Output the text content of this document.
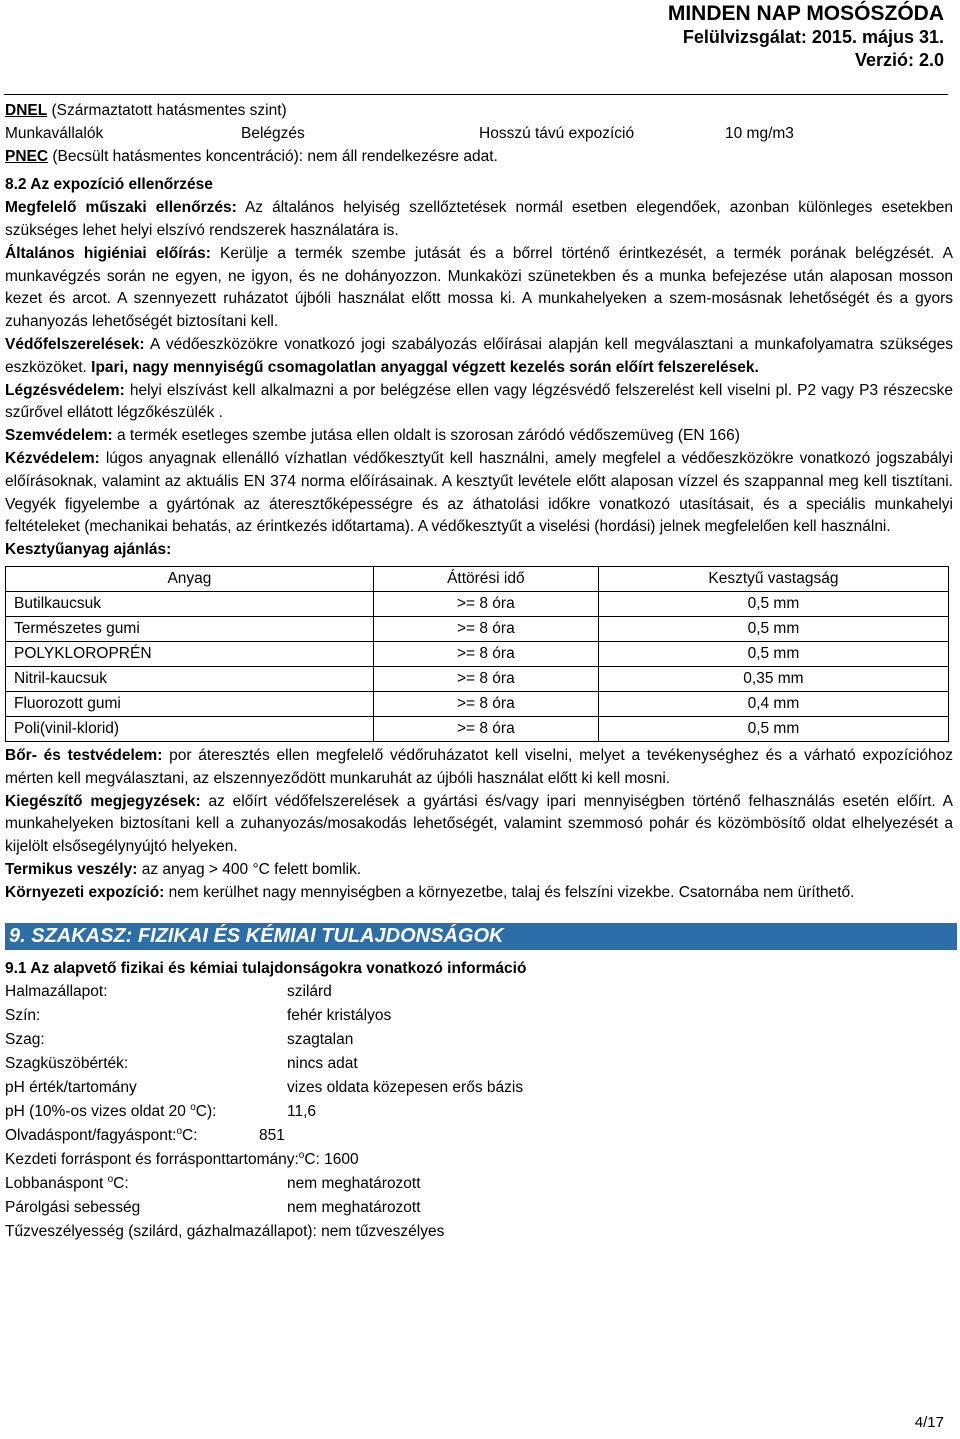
MINDEN NAP MOSÓSZÓDA
Felülvizsgálat: 2015. május 31.
Verzió: 2.0

DNEL (Származtatott hatásmentes szint)

Munkavállalók	Belégzés	Hosszú távú expozíció	10 mg/m3

PNEC (Becsült hatásmentes koncentráció): nem áll rendelkezésre adat.

8.2 Az expozíció ellenőrzése

Megfelelő műszaki ellenőrzés: Az általános helyiség szellőztetések normál esetben elegendőek, azonban különleges esetekben szükséges lehet helyi elszívó rendszerek használatára is.

Általános higiéniai előírás: Kerülje a termék szembe jutását és a bőrrel történő érintkezését, a termék porának belégzését. A munkavégzés során ne egyen, ne igyon, és ne dohányozzon. Munkaközi szünetekben és a munka befejezése után alaposan mosson kezet és arcot. A szennyezett ruházatot újbóli használat előtt mossa ki. A munkahelyeken a szem-mosásnak lehetőségét és a gyors zuhanyozás lehetőségét biztosítani kell.

Védőfelszerelések: A védőeszközökre vonatkozó jogi szabályozás előírásai alapján kell megválasztani a munkafolyamatra szükséges eszközöket. Ipari, nagy mennyiségű csomagolatlan anyaggal végzett kezelés során előírt felszerelések.

Légzésvédelem: helyi elszívást kell alkalmazni a por belégzése ellen vagy légzésvédő felszerelést kell viselni pl. P2 vagy P3 részecske szűrővel ellátott légzőkészülék .

Szemvédelem: a termék esetleges szembe jutása ellen oldalt is szorosan záródó védőszemüveg (EN 166)

Kézvédelem: lúgos anyagnak ellenálló vízhatlan védőkesztyűt kell használni, amely megfelel a védőeszközökre vonatkozó jogszabályi előírásoknak, valamint az aktuális EN 374 norma előírásainak. A kesztyűt levétele előtt alaposan vízzel és szappannal meg kell tisztítani. Vegyék figyelembe a gyártónak az áteresztőképességre és az áthatolási időkre vonatkozó utasításait, és a speciális munkahelyi feltételeket (mechanikai behatás, az érintkezés időtartama). A védőkesztyűt a viselési (hordási) jelnek megfelelően kell használni.

Kesztyűanyag ajánlás:

Anyag	Áttörési idő	Kesztyű vastagság
Butilkaucsuk	>= 8 óra	0,5 mm
Természetes gumi	>= 8 óra	0,5 mm
POLYKLOROPRÉN	>= 8 óra	0,5 mm
Nitril-kaucsuk	>= 8 óra	0,35 mm
Fluorozott gumi	>= 8 óra	0,4 mm
Poli(vinil-klorid)	>= 8 óra	0,5 mm

Bőr- és testvédelem: por áteresztés ellen megfelelő védőruházatot kell viselni, melyet a tevékenységhez és a várható expozícióhoz mérten kell megválasztani, az elszennyeződött munkaruhát az újbóli használat előtt ki kell mosni.

Kiegészítő megjegyzések: az előírt védőfelszerelések a gyártási és/vagy ipari mennyiségben történő felhasználás esetén előírt. A munkahelyeken biztosítani kell a zuhanyozás/mosakodás lehetőségét, valamint szemmosó pohár és közömbösítő oldat elhelyezését a kijelölt elsősegélynyújtó helyeken.

Termikus veszély: az anyag > 400 °C felett bomlik.

Környezeti expozíció: nem kerülhet nagy mennyiségben a környezetbe, talaj és felszíni vizekbe. Csatornába nem üríthető.

9. SZAKASZ: FIZIKAI ÉS KÉMIAI TULAJDONSÁGOK

9.1 Az alapvető fizikai és kémiai tulajdonságokra vonatkozó információ

Halmazállapot:	szilárd
Szín:	fehér kristályos
Szag:	szagtalan
Szagküszöbérték:	nincs adat
pH érték/tartomány	vizes oldata közepesen erős bázis
pH (10%-os vizes oldat 20 $^o$C):	11,6
Olvadáspont/fagyáspont:$^o$C:	851
Kezdeti forráspont és forrásponttartomány:$^o$C: 1600
Lobbanáspont $^o$C:	nem meghatározott
Párolgási sebesség	nem meghatározott
Tűzveszélyesség (szilárd, gázhalmazállapot): nem tűzveszélyes
4/17
